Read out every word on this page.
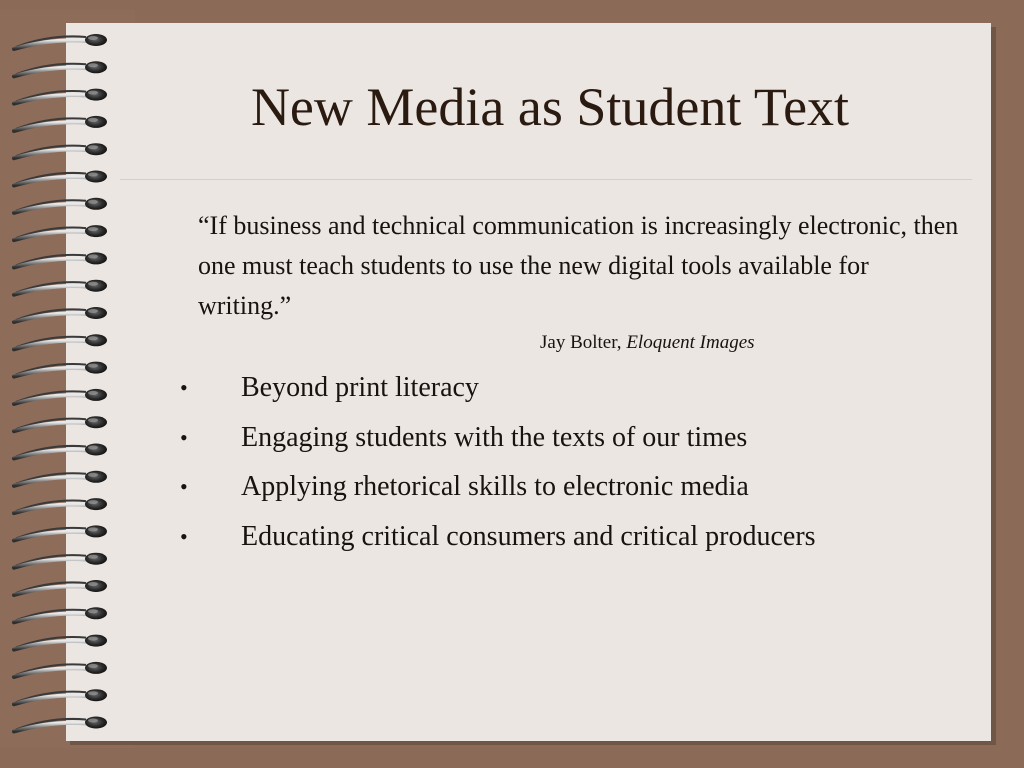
New Media as Student Text
“If business and technical communication is increasingly electronic, then one must teach students to use the new digital tools available for writing.”
Jay Bolter, Eloquent Images
•	Beyond print literacy
•	Engaging students with the texts of our times
•	Applying rhetorical skills to electronic media
•	Educating critical consumers and critical producers
